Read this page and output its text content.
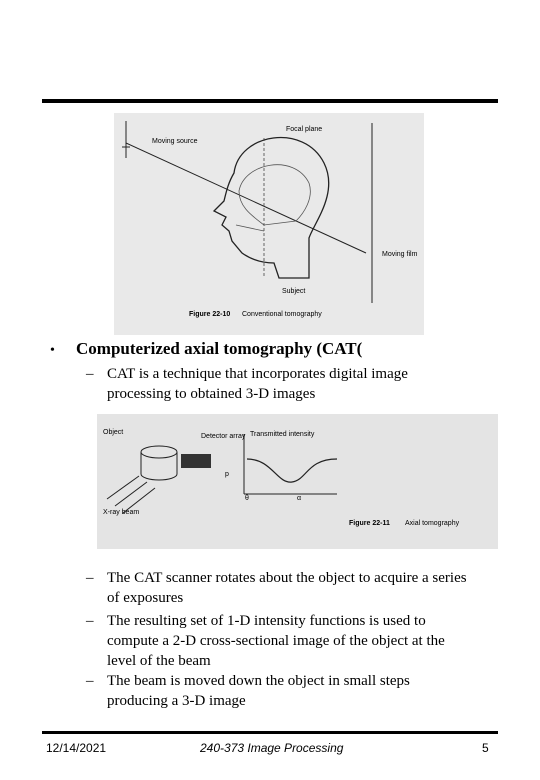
Moving source
Focal plane
Moving film
Subject
Figure 22-10 Conventional tomography
• Computerized axial tomography (CAT(
– CAT is a technique that incorporates digital image
processing to obtained 3-D images
Object
Detector array Transmitted intensity
X-ray beam
p
θ	α
Figure 22-11 Axial tomography
– The CAT scanner rotates about the object to acquire a series
of exposures
– The resulting set of 1-D intensity functions is used to
compute a 2-D cross-sectional image of the object at the
level of the beam
– The beam is moved down the object in small steps
producing a 3-D image
12/14/2021	240-373 Image Processing	5
